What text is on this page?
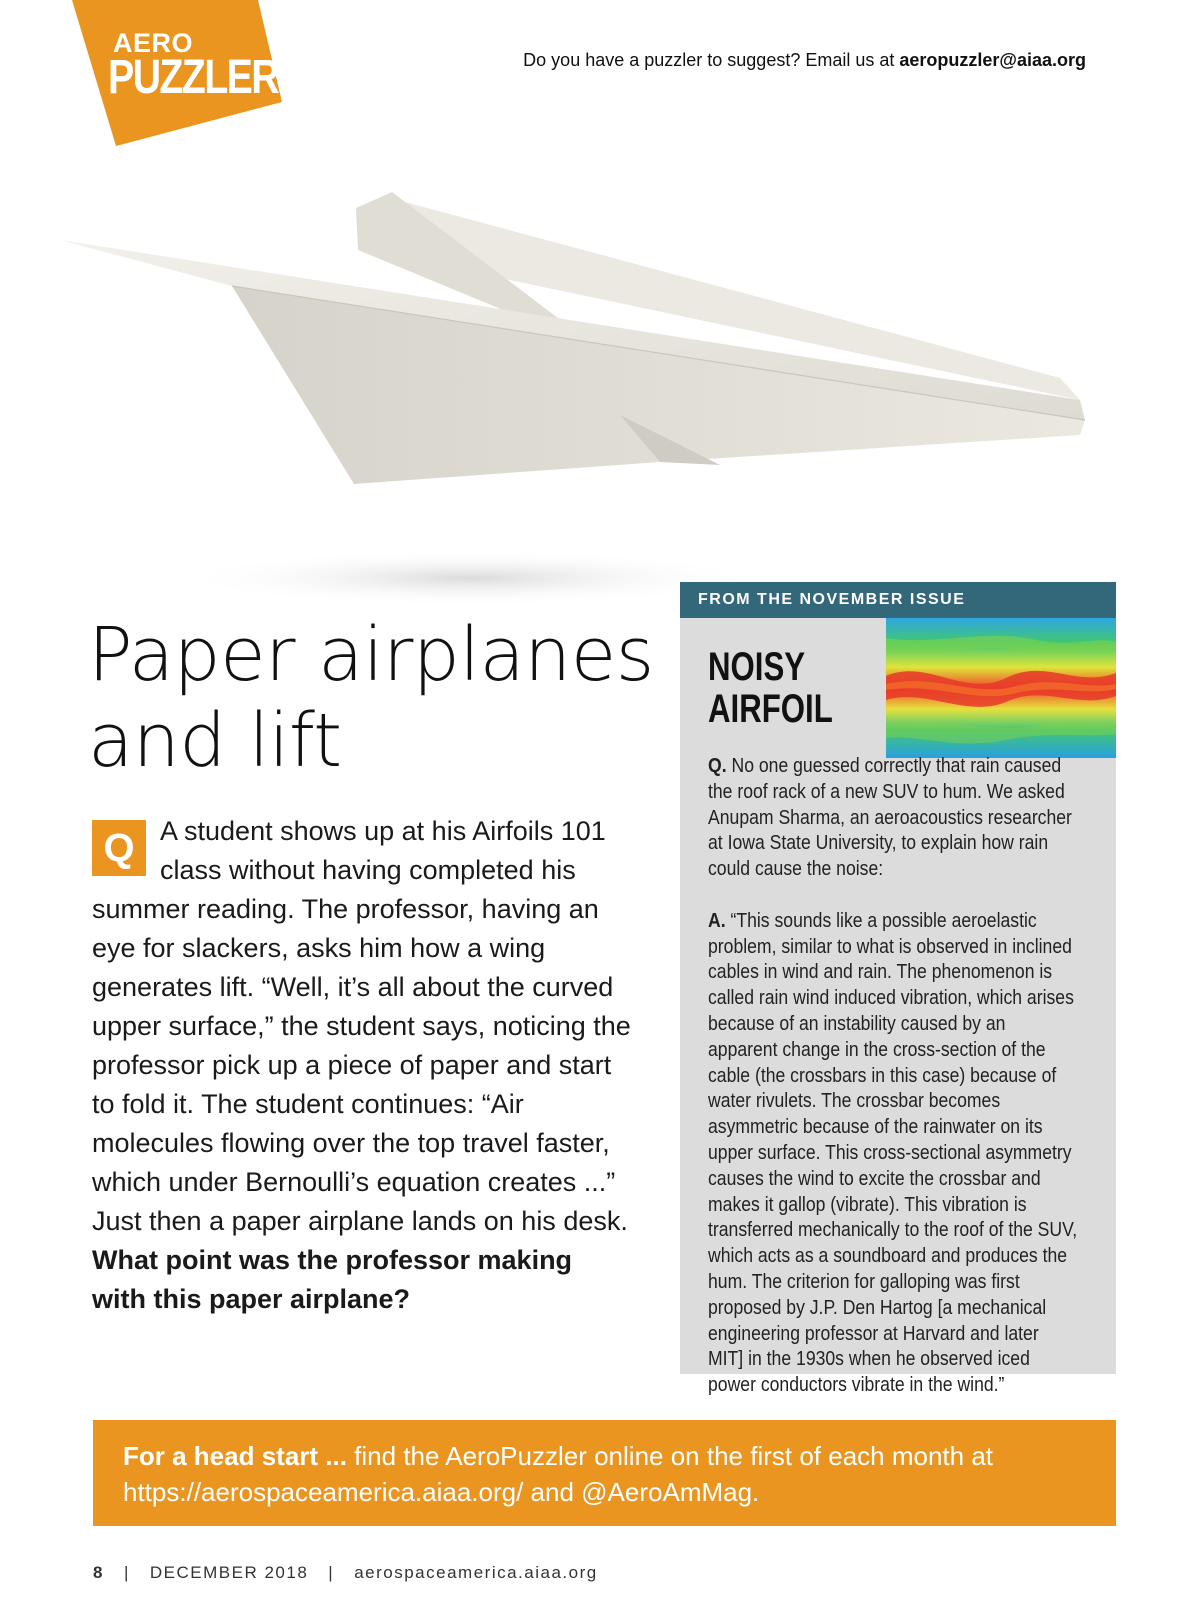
AERO
PUZZLER	Do you have a puzzler to suggest? Email us at aeropuzzler@aiaa.org
Paper airplanes
and lift

Q A student shows up at his Airfoils 101 class without having completed his summer reading. The professor, having an eye for slackers, asks him how a wing generates lift. “Well, it’s all about the curved upper surface,” the student says, noticing the professor pick up a piece of paper and start to fold it. The student continues: “Air molecules flowing over the top travel faster, which under Bernoulli’s equation creates ...” Just then a paper airplane lands on his desk. What point was the professor making with this paper airplane?

FROM THE NOVEMBER ISSUE
NOISY
AIRFOIL

Q. No one guessed correctly that rain caused the roof rack of a new SUV to hum. We asked Anupam Sharma, an aeroacoustics researcher at Iowa State University, to explain how rain could cause the noise:

A. “This sounds like a possible aeroelastic problem, similar to what is observed in inclined cables in wind and rain. The phenomenon is called rain wind induced vibration, which arises because of an instability caused by an apparent change in the cross-section of the cable (the crossbars in this case) because of water rivulets. The crossbar becomes asymmetric because of the rainwater on its upper surface. This cross-sectional asymmetry causes the wind to excite the crossbar and makes it gallop (vibrate). This vibration is transferred mechanically to the roof of the SUV, which acts as a soundboard and produces the hum. The criterion for galloping was first proposed by J.P. Den Hartog [a mechanical engineering professor at Harvard and later MIT] in the 1930s when he observed iced power conductors vibrate in the wind.”

For a head start ... find the AeroPuzzler online on the first of each month at https://aerospaceamerica.aiaa.org/ and @AeroAmMag.

8 | DECEMBER 2018 | aerospaceamerica.aiaa.org
